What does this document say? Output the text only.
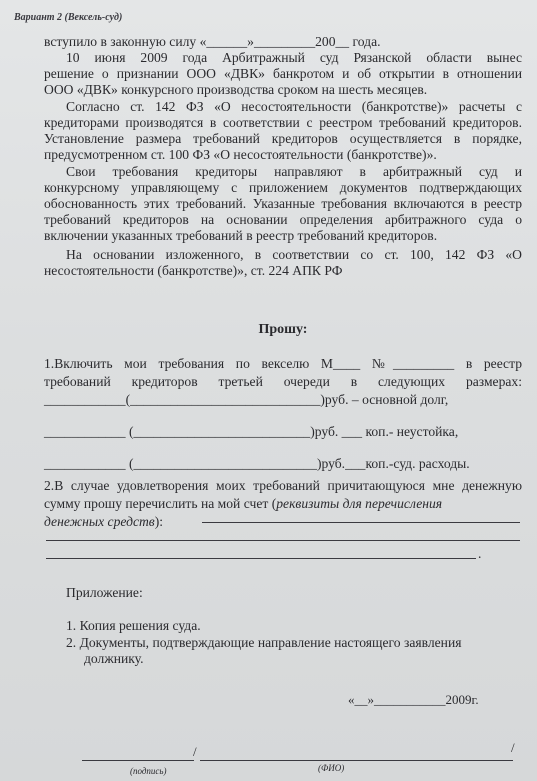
Вариант 2 (Вексель-суд)
вступило в законную силу «______»_________200__ года.
10 июня 2009 года Арбитражный суд Рязанской области вынес
решение о признании ООО «ДВК» банкротом и об открытии в отношении
ООО «ДВК» конкурсного производства сроком на шесть месяцев.
Согласно ст. 142 ФЗ «О несостоятельности (банкротстве)» расчеты с
кредиторами производятся в соответствии с реестром требований кредиторов.
Установление размера требований кредиторов осуществляется в порядке,
предусмотренном ст. 100 ФЗ «О несостоятельности (банкротстве)».
Свои требования кредиторы направляют в арбитражный суд и
конкурсному управляющему с приложением документов подтверждающих
обоснованность этих требований. Указанные требования включаются в реестр
требований кредиторов на основании определения арбитражного суда о
включении указанных требований в реестр требований кредиторов.
На основании изложенного, в соответствии со ст. 100, 142 ФЗ «О
несостоятельности (банкротстве)», ст. 224 АПК РФ
Прошу:
1.Включить мои требования по векселю М____ №_________ в реестр
требований кредиторов третьей очереди в следующих размерах:
____________(____________________________)руб. – основной долг,
____________ (__________________________)руб. ___ коп.- неустойка,
____________ (___________________________)руб.___коп.-суд. расходы.
2.В случае удовлетворения моих требований причитающуюся мне денежную
сумму прошу перечислить на мой счет (реквизиты для перечисления
денежных средств):
.
Приложение:
1. Копия решения суда.
2. Документы, подтверждающие направление настоящего заявления
должнику.
«__»___________2009г.
/	/
(подпись)	(ФИО)
